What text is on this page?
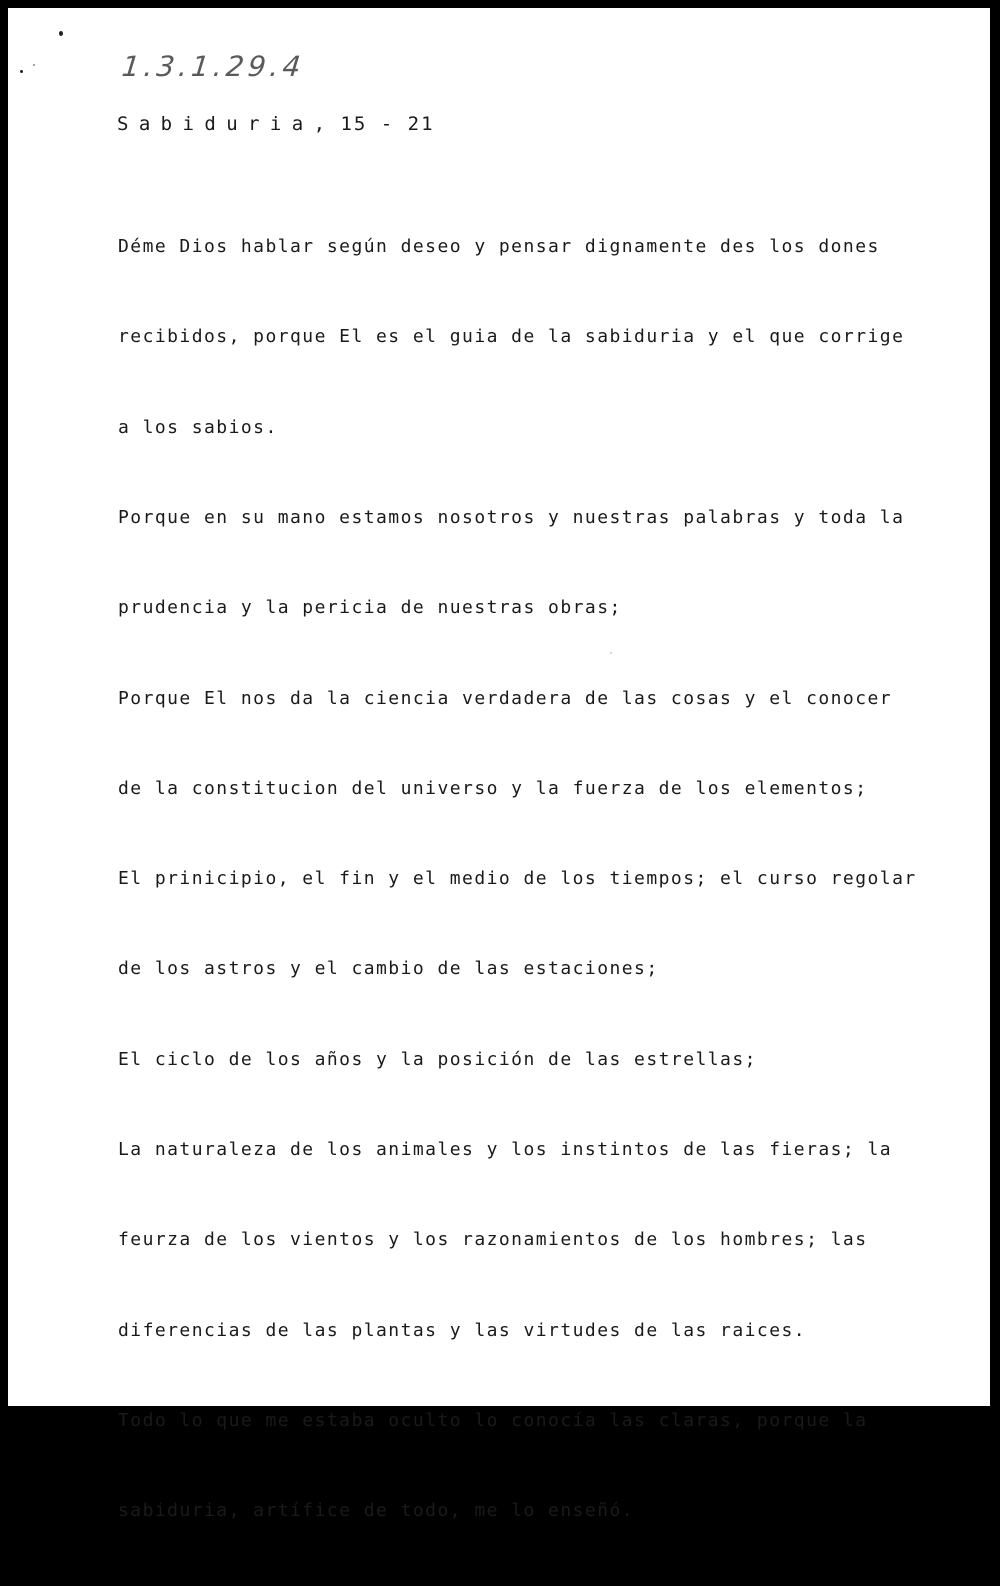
1.3.1.29.4
Sabiduria, 15 - 21

Déme Dios hablar según deseo y pensar dignamente des los dones

recibidos, porque El es el guia de la sabiduria y el que corrige

a los sabios.

Porque en su mano estamos nosotros y nuestras palabras y toda la

prudencia y la pericia de nuestras obras;

Porque El nos da la ciencia verdadera de las cosas y el conocer

de la constitucion del universo y la fuerza de los elementos;

El prinicipio, el fin y el medio de los tiempos; el curso regolar

de los astros y el cambio de las estaciones;

El ciclo de los años y la posición de las estrellas;

La naturaleza de los animales y los instintos de las fieras; la

feurza de los vientos y los razonamientos de los hombres; las

diferencias de las plantas y las virtudes de las raices.

Todo lo que me estaba oculto lo conocía las claras, porque la

sabiduria, artífice de todo, me lo enseñó.
